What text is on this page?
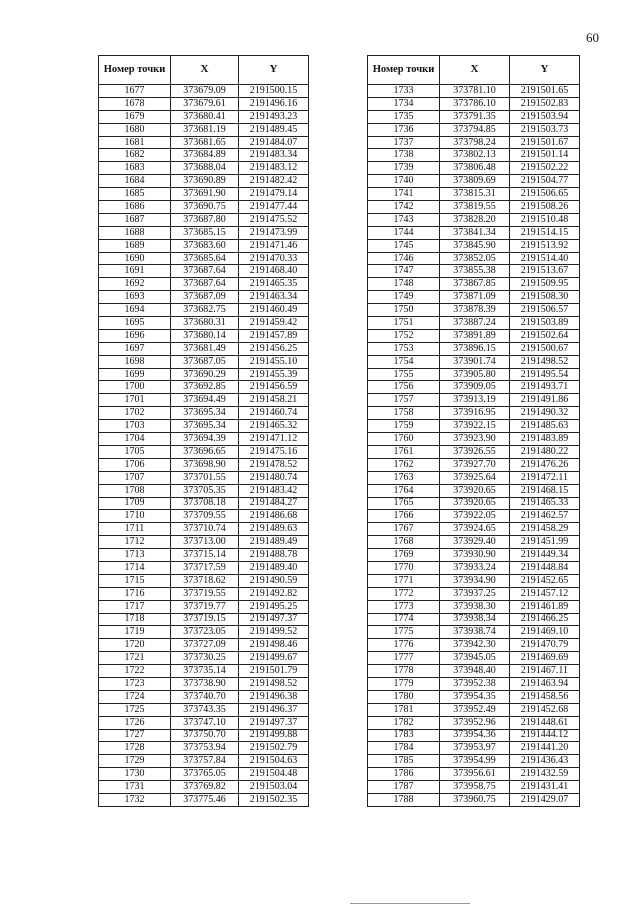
60
Номер точки	X	Y
1677	373679.09	2191500.15
1678	373679.61	2191496.16
1679	373680.41	2191493.23
1680	373681.19	2191489.45
1681	373681.65	2191484.07
1682	373684.89	2191483.34
1683	373688.04	2191483.12
1684	373690.89	2191482.42
1685	373691.90	2191479.14
1686	373690.75	2191477.44
1687	373687.80	2191475.52
1688	373685.15	2191473.99
1689	373683.60	2191471.46
1690	373685.64	2191470.33
1691	373687.64	2191468.40
1692	373687.64	2191465.35
1693	373687.09	2191463.34
1694	373682.75	2191460.49
1695	373680.31	2191459.42
1696	373680.14	2191457.89
1697	373681.49	2191456.25
1698	373687.05	2191455.10
1699	373690.29	2191455.39
1700	373692.85	2191456.59
1701	373694.49	2191458.21
1702	373695.34	2191460.74
1703	373695.34	2191465.32
1704	373694.39	2191471.12
1705	373696.65	2191475.16
1706	373698.90	2191478.52
1707	373701.55	2191480.74
1708	373705.35	2191483.42
1709	373708.18	2191484.27
1710	373709.55	2191486.68
1711	373710.74	2191489.63
1712	373713.00	2191489.49
1713	373715.14	2191488.78
1714	373717.59	2191489.40
1715	373718.62	2191490.59
1716	373719.55	2191492.82
1717	373719.77	2191495.25
1718	373719.15	2191497.37
1719	373723.05	2191499.52
1720	373727.09	2191498.46
1721	373730.25	2191499.67
1722	373735.14	2191501.79
1723	373738.90	2191498.52
1724	373740.70	2191496.38
1725	373743.35	2191496.37
1726	373747.10	2191497.37
1727	373750.70	2191499.88
1728	373753.94	2191502.79
1729	373757.84	2191504.63
1730	373765.05	2191504.48
1731	373769.82	2191503.04
1732	373775.46	2191502.35
Номер точки	X	Y
1733	373781.10	2191501.65
1734	373786.10	2191502.83
1735	373791.35	2191503.94
1736	373794.85	2191503.73
1737	373798.24	2191501.67
1738	373802.13	2191501.14
1739	373806.48	2191502.22
1740	373809.69	2191504.77
1741	373815.31	2191506.65
1742	373819.55	2191508.26
1743	373828.20	2191510.48
1744	373841.34	2191514.15
1745	373845.90	2191513.92
1746	373852.05	2191514.40
1747	373855.38	2191513.67
1748	373867.85	2191509.95
1749	373871.09	2191508.30
1750	373878.39	2191506.57
1751	373887.24	2191503.89
1752	373891.89	2191502.64
1753	373896.15	2191500.67
1754	373901.74	2191498.52
1755	373905.80	2191495.54
1756	373909.05	2191493.71
1757	373913.19	2191491.86
1758	373916.95	2191490.32
1759	373922.15	2191485.63
1760	373923.90	2191483.89
1761	373926.55	2191480.22
1762	373927.70	2191476.26
1763	373925.64	2191472.11
1764	373920.65	2191468.15
1765	373920.65	2191465.33
1766	373922.05	2191462.57
1767	373924.65	2191458.29
1768	373929.40	2191451.99
1769	373930.90	2191449.34
1770	373933.24	2191448.84
1771	373934.90	2191452.65
1772	373937.25	2191457.12
1773	373938.30	2191461.89
1774	373938.34	2191466.25
1775	373938.74	2191469.10
1776	373942.30	2191470.79
1777	373945.05	2191469.69
1778	373948.40	2191467.11
1779	373952.38	2191463.94
1780	373954.35	2191458.56
1781	373952.49	2191452.68
1782	373952.96	2191448.61
1783	373954.36	2191444.12
1784	373953.97	2191441.20
1785	373954.99	2191436.43
1786	373956.61	2191432.59
1787	373958.75	2191431.41
1788	373960.75	2191429.07
